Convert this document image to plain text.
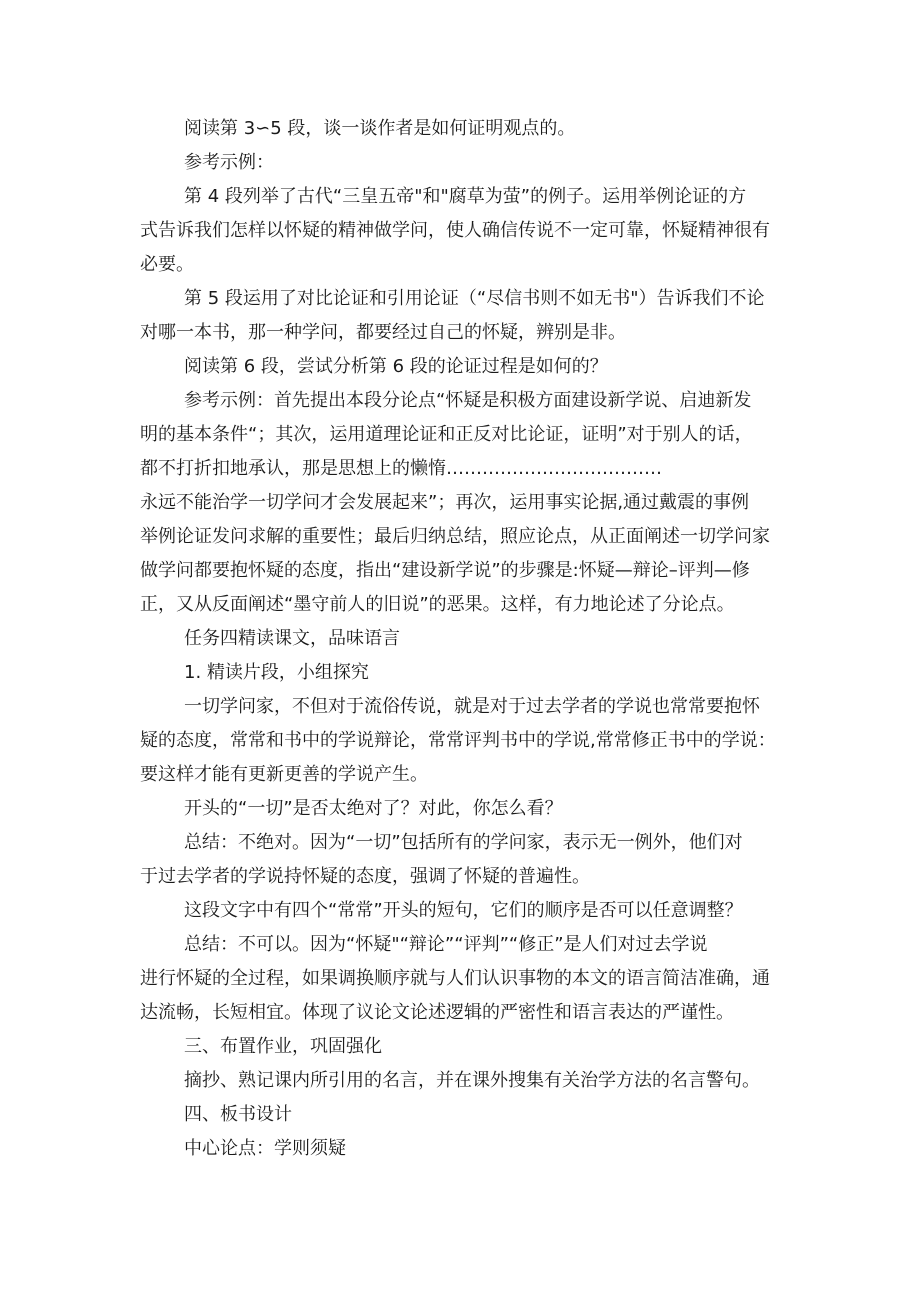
阅读第 3∽5 段，谈一谈作者是如何证明观点的。

参考示例：

第 4 段列举了古代“三皇五帝"和"腐草为萤”的例子。运用举例论证的方

式告诉我们怎样以怀疑的精神做学问，使人确信传说不一定可靠，怀疑精神很有

必要。

第 5 段运用了对比论证和引用论证（“尽信书则不如无书"）告诉我们不论

对哪一本书，那一种学问，都要经过自己的怀疑，辨别是非。

阅读第 6 段，尝试分析第 6 段的论证过程是如何的？

参考示例：首先提出本段分论点“怀疑是积极方面建设新学说、启迪新发

明的基本条件“；其次，运用道理论证和正反对比论证，证明”对于别人的话，

都不打折扣地承认，那是思想上的懒惰………………………………

永远不能治学一切学问才会发展起来”；再次，运用事实论据,通过戴震的事例

举例论证发问求解的重要性；最后归纳总结，照应论点，从正面阐述一切学问家

做学问都要抱怀疑的态度，指出“建设新学说”的步骤是:怀疑—辩论–评判—修

正，又从反面阐述“墨守前人的旧说”的恶果。这样，有力地论述了分论点。

任务四精读课文，品味语言

1. 精读片段，小组探究

一切学问家，不但对于流俗传说，就是对于过去学者的学说也常常要抱怀

疑的态度，常常和书中的学说辩论，常常评判书中的学说,常常修正书中的学说：

要这样才能有更新更善的学说产生。

开头的“一切”是否太绝对了？对此，你怎么看？

总结：不绝对。因为“一切”包括所有的学问家，表示无一例外，他们对

于过去学者的学说持怀疑的态度，强调了怀疑的普遍性。

这段文字中有四个“常常”开头的短句，它们的顺序是否可以任意调整？

总结：不可以。因为“怀疑"“辩论”“评判”“修正”是人们对过去学说

进行怀疑的全过程，如果调换顺序就与人们认识事物的本文的语言简洁准确，通

达流畅，长短相宜。体现了议论文论述逻辑的严密性和语言表达的严谨性。

三、布置作业，巩固强化

摘抄、熟记课内所引用的名言，并在课外搜集有关治学方法的名言警句。

四、板书设计

中心论点：学则须疑
